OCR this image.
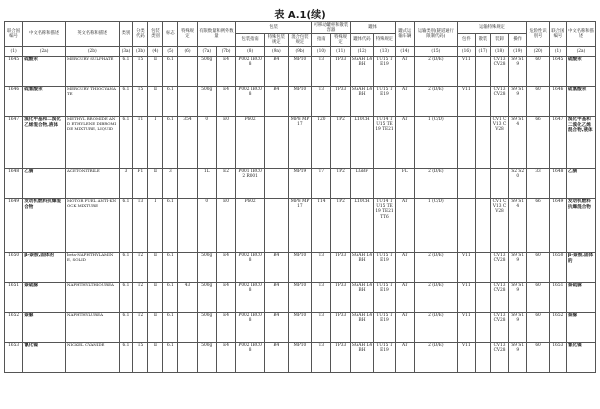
表 A.1(续)
联合国编号	中文名称和描述	英文名称和描述	类别	分类代码	包装类别	标志	特殊规定	有限数量和例外数量		包装			可移动罐柜和散装容器		罐体		罐式运输车辆	运输类别(隧道通行限制代码)	运输特殊规定				危险性识别号	联合国编号	中文名称和描述
										包装指南	特殊包装规定	混合包装规定	指南	特殊规定	罐体代码	特殊规定			包件	散装	装卸	操作			
(1)	(2a)	(2b)	(3a)	(3b)	(4)	(5)	(6)	(7a)	(7b)	(8)	(9a)	(9b)	(10)	(11)	(12)	(13)	(14)	(15)	(16)	(17)	(18)	(19)	(20)	(1)	(2a)
1645	硫酸汞	MERCURY SULPHATE	6.1	T5	Ⅱ	6.1		500g	E4	P002 IBC08	B4	MP10	T3	TP33	SGAH L4BH	TU15 TE19	AT	2 (D/E)	V11		CV13 CV28	S9 S19	60	1645	硫酸汞
1646	硫氰酸汞	MERCURY THIOCYANATE	6.1	T5	Ⅱ	6.1		500g	E4	P002 IBC08	B4	MP10	T3	TP33	SGAH L4BH	TU15 TE19	AT	2 (D/E)	V11		CV13 CV28	S9 S19	60	1646	硫氰酸汞
1647	溴化甲基和二溴化乙烯混合物,液体	METHYL BROMIDE AND ETHYLENE DIBROMIDE MIXTURE, LIQUID	6.1	T1	Ⅰ	6.1	354	0	E0	P602		MP8 MP17	T20	TP2	L10CH	TU14 TU15 TE19 TE21	AT	1 (C/D)			CV1 CV13 CV28	S9 S14	66	1647	溴化甲基和二溴化乙烯混合物,液体
1648	乙腈	ACETONITRILE	3	F1	Ⅱ	3		1L	E2	P001 IBC02 R001		MP19	T7	TP2	LGBF		FL	2 (D/E)				S2 S20	33	1648	乙腈
1649	发动机燃料抗爆混合物	MOTOR FUEL ANTI-KNOCK MIXTURE	6.1	T3	Ⅰ	6.1		0	E0	P602		MP8 MP17	T14	TP2	L10CH	TU14 TU15 TE19 TE21 TT6	AT	1 (C/D)			CV1 CV13 CV28	S9 S14	66	1649	发动机燃料抗爆混合物
1650	β-萘胺,固体的	beta-NAPHTHYLAMINE, SOLID	6.1	T2	Ⅱ	6.1		500g	E4	P002 IBC08	B4	MP10	T3	TP33	SGAH L4BH	TU15 TE19	AT	2 (D/E)	V11		CV13 CV28	S9 S19	60	1650	β-萘胺,固体的
1651	萘硫脲	NAPHTHYLTHIOUREA	6.1	T2	Ⅱ	6.1	43	500g	E4	P002 IBC08	B4	MP10	T3	TP33	SGAH L4BH	TU15 TE19	AT	2 (D/E)	V11		CV13 CV28	S9 S19	60	1651	萘硫脲
1652	萘脲	NAPHTHYLUREA	6.1	T2	Ⅱ	6.1		500g	E4	P002 IBC08	B4	MP10	T3	TP33	SGAH L4BH	TU15 TE19	AT	2 (D/E)	V11		CV13 CV28	S9 S19	60	1652	萘脲
1653	氰化镍	NICKEL CYANIDE	6.1	T5	Ⅱ	6.1		500g	E4	P002 IBC08	B4	MP10	T3	TP33	SGAH L4BH	TU15 TE19	AT	2 (D/E)	V11		CV13 CV28	S9 S19	60	1653	氰化镍
